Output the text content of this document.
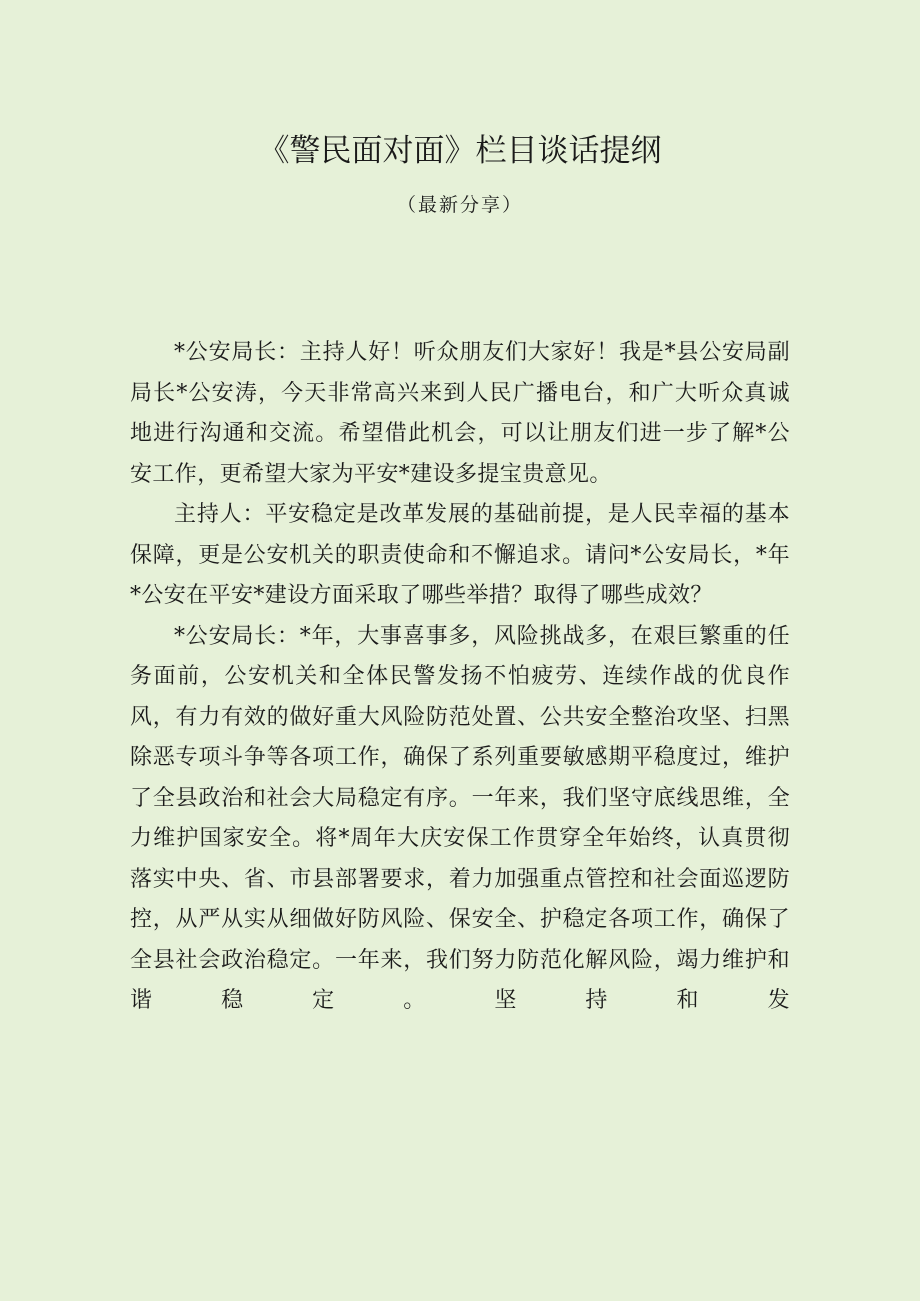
《警民面对面》栏目谈话提纲
（最新分享）

*公安局长：主持人好！听众朋友们大家好！我是*县公安局副局长*公安涛，今天非常高兴来到人民广播电台，和广大听众真诚地进行沟通和交流。希望借此机会，可以让朋友们进一步了解*公安工作，更希望大家为平安*建设多提宝贵意见。

主持人：平安稳定是改革发展的基础前提，是人民幸福的基本保障，更是公安机关的职责使命和不懈追求。请问*公安局长，*年*公安在平安*建设方面采取了哪些举措？取得了哪些成效？

*公安局长：*年，大事喜事多，风险挑战多，在艰巨繁重的任务面前，公安机关和全体民警发扬不怕疲劳、连续作战的优良作风，有力有效的做好重大风险防范处置、公共安全整治攻坚、扫黑除恶专项斗争等各项工作，确保了系列重要敏感期平稳度过，维护了全县政治和社会大局稳定有序。一年来，我们坚守底线思维，全力维护国家安全。将*周年大庆安保工作贯穿全年始终，认真贯彻落实中央、省、市县部署要求，着力加强重点管控和社会面巡逻防控，从严从实从细做好防风险、保安全、护稳定各项工作，确保了全县社会政治稳定。一年来，我们努力防范化解风险，竭力维护和谐稳定。坚持和发
